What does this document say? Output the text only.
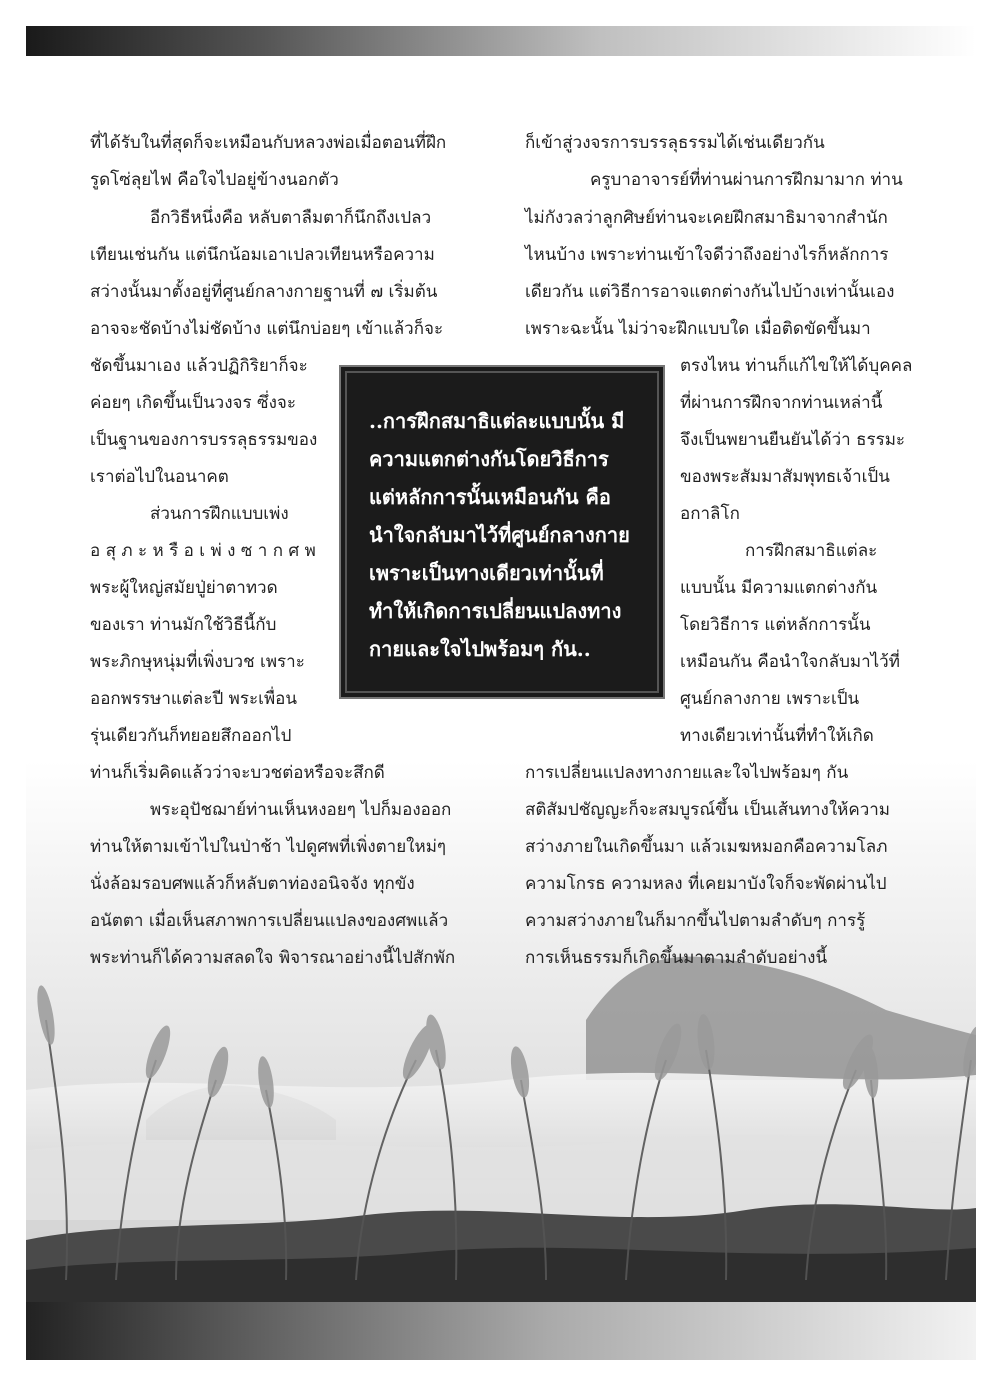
ที่ได้รับในที่สุดก็จะเหมือนกับหลวงพ่อเมื่อตอนที่ฝึก
รูดโซ่ลุยไฟ คือใจไปอยู่ข้างนอกตัว
อีกวิธีหนึ่งคือ หลับตาลืมตาก็นึกถึงเปลว
เทียนเช่นกัน แต่นึกน้อมเอาเปลวเทียนหรือความ
สว่างนั้นมาตั้งอยู่ที่ศูนย์กลางกายฐานที่ ๗ เริ่มต้น
อาจจะชัดบ้างไม่ชัดบ้าง แต่นึกบ่อยๆ เข้าแล้วก็จะ
ชัดขึ้นมาเอง แล้วปฏิกิริยาก็จะ
ค่อยๆ เกิดขึ้นเป็นวงจร ซึ่งจะ
เป็นฐานของการบรรลุธรรมของ
เราต่อไปในอนาคต
ส่วนการฝึกแบบเพ่ง
อ สุ ภ ะ ห รื อ เ พ่ ง ซ า ก ศ พ
พระผู้ใหญ่สมัยปู่ย่าตาทวด
ของเรา ท่านมักใช้วิธีนี้กับ
พระภิกษุหนุ่มที่เพิ่งบวช เพราะ
ออกพรรษาแต่ละปี พระเพื่อน
รุ่นเดียวกันก็ทยอยสึกออกไป
ท่านก็เริ่มคิดแล้วว่าจะบวชต่อหรือจะสึกดี
พระอุปัชฌาย์ท่านเห็นหงอยๆ ไปก็มองออก
ท่านให้ตามเข้าไปในป่าช้า ไปดูศพที่เพิ่งตายใหม่ๆ
นั่งล้อมรอบศพแล้วก็หลับตาท่องอนิจจัง ทุกขัง
อนัตตา เมื่อเห็นสภาพการเปลี่ยนแปลงของศพแล้ว
พระท่านก็ได้ความสลดใจ พิจารณาอย่างนี้ไปสักพัก
ก็เข้าสู่วงจรการบรรลุธรรมได้เช่นเดียวกัน
ครูบาอาจารย์ที่ท่านผ่านการฝึกมามาก ท่าน
ไม่กังวลว่าลูกศิษย์ท่านจะเคยฝึกสมาธิมาจากสำนัก
ไหนบ้าง เพราะท่านเข้าใจดีว่าถึงอย่างไรก็หลักการ
เดียวกัน แต่วิธีการอาจแตกต่างกันไปบ้างเท่านั้นเอง
เพราะฉะนั้น ไม่ว่าจะฝึกแบบใด เมื่อติดขัดขึ้นมา
ตรงไหน ท่านก็แก้ไขให้ได้บุคคล
ที่ผ่านการฝึกจากท่านเหล่านี้
จึงเป็นพยานยืนยันได้ว่า ธรรมะ
ของพระสัมมาสัมพุทธเจ้าเป็น
อกาลิโก
การฝึกสมาธิแต่ละ
แบบนั้น มีความแตกต่างกัน
โดยวิธีการ แต่หลักการนั้น
เหมือนกัน คือนำใจกลับมาไว้ที่
ศูนย์กลางกาย เพราะเป็น
ทางเดียวเท่านั้นที่ทำให้เกิด
การเปลี่ยนแปลงทางกายและใจไปพร้อมๆ กัน
สติสัมปชัญญะก็จะสมบูรณ์ขึ้น เป็นเส้นทางให้ความ
สว่างภายในเกิดขึ้นมา แล้วเมฆหมอกคือความโลภ
ความโกรธ ความหลง ที่เคยมาบังใจก็จะพัดผ่านไป
ความสว่างภายในก็มากขึ้นไปตามลำดับๆ การรู้
การเห็นธรรมก็เกิดขึ้นมาตามลำดับอย่างนี้
..การฝึกสมาธิแต่ละแบบนั้น มี
ความแตกต่างกันโดยวิธีการ
แต่หลักการนั้นเหมือนกัน คือ
นำใจกลับมาไว้ที่ศูนย์กลางกาย
เพราะเป็นทางเดียวเท่านั้นที่
ทำให้เกิดการเปลี่ยนแปลงทาง
กายและใจไปพร้อมๆ กัน..
